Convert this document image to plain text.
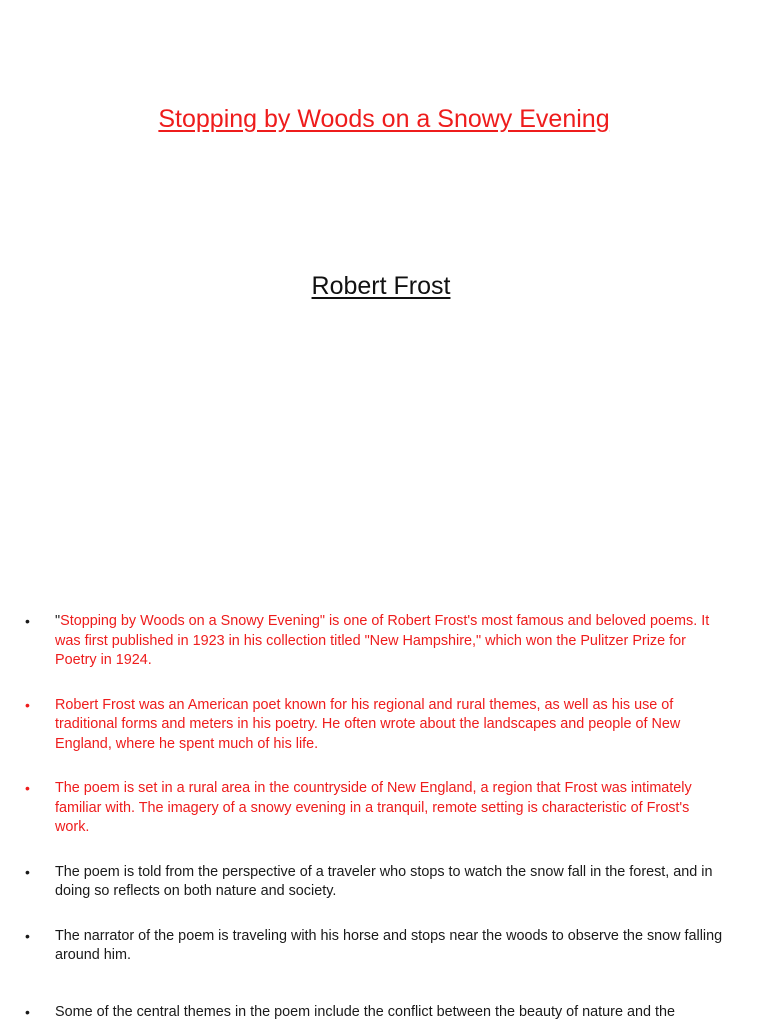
Stopping by Woods on a Snowy Evening
Robert Frost
• "Stopping by Woods on a Snowy Evening" is one of Robert Frost's most famous and beloved poems. It was first published in 1923 in his collection titled "New Hampshire," which won the Pulitzer Prize for Poetry in 1924.
• Robert Frost was an American poet known for his regional and rural themes, as well as his use of traditional forms and meters in his poetry. He often wrote about the landscapes and people of New England, where he spent much of his life.
• The poem is set in a rural area in the countryside of New England, a region that Frost was intimately familiar with. The imagery of a snowy evening in a tranquil, remote setting is characteristic of Frost's work.
• The poem is told from the perspective of a traveler who stops to watch the snow fall in the forest, and in doing so reflects on both nature and society.
• The narrator of the poem is traveling with his horse and stops near the woods to observe the snow falling around him.
• Some of the central themes in the poem include the conflict between the beauty of nature and the
